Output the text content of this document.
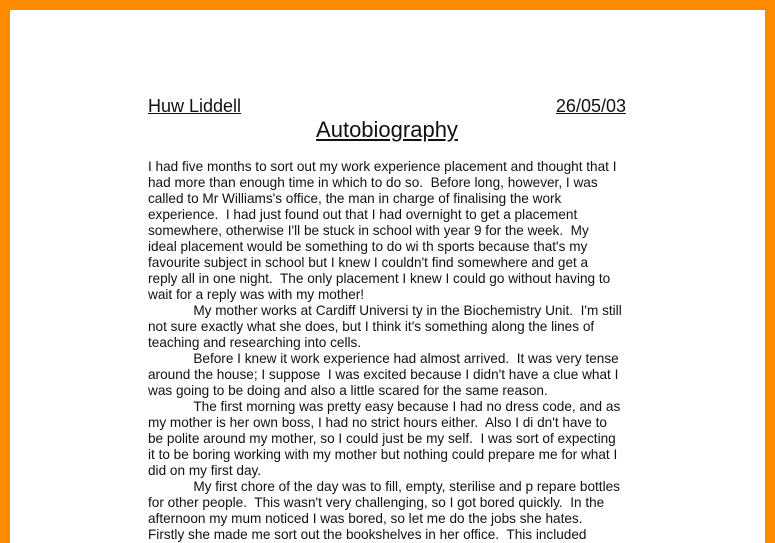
Huw Liddell	26/05/03
Autobiography

I had five months to sort out my work experience placement and thought that I
had more than enough time in which to do so.  Before long, however, I was
called to Mr Williams's office, the man in charge of finalising the work
experience.  I had just found out that I had overnight to get a placement
somewhere, otherwise I'll be stuck in school with year 9 for the week.  My
ideal placement would be something to do wi th sports because that's my
favourite subject in school but I knew I couldn't find somewhere and get a
reply all in one night.  The only placement I knew I could go without having to
wait for a reply was with my mother!

My mother works at Cardiff Universi ty in the Biochemistry Unit.  I'm still
not sure exactly what she does, but I think it's something along the lines of
teaching and researching into cells.

Before I knew it work experience had almost arrived.  It was very tense
around the house; I suppose  I was excited because I didn't have a clue what I
was going to be doing and also a little scared for the same reason.

The first morning was pretty easy because I had no dress code, and as
my mother is her own boss, I had no strict hours either.  Also I di dn't have to
be polite around my mother, so I could just be my self.  I was sort of expecting
it to be boring working with my mother but nothing could prepare me for what I
did on my first day.

My first chore of the day was to fill, empty, sterilise and p repare bottles
for other people.  This wasn't very challenging, so I got bored quickly.  In the
afternoon my mum noticed I was bored, so let me do the jobs she hates.
Firstly she made me sort out the bookshelves in her office.  This included
